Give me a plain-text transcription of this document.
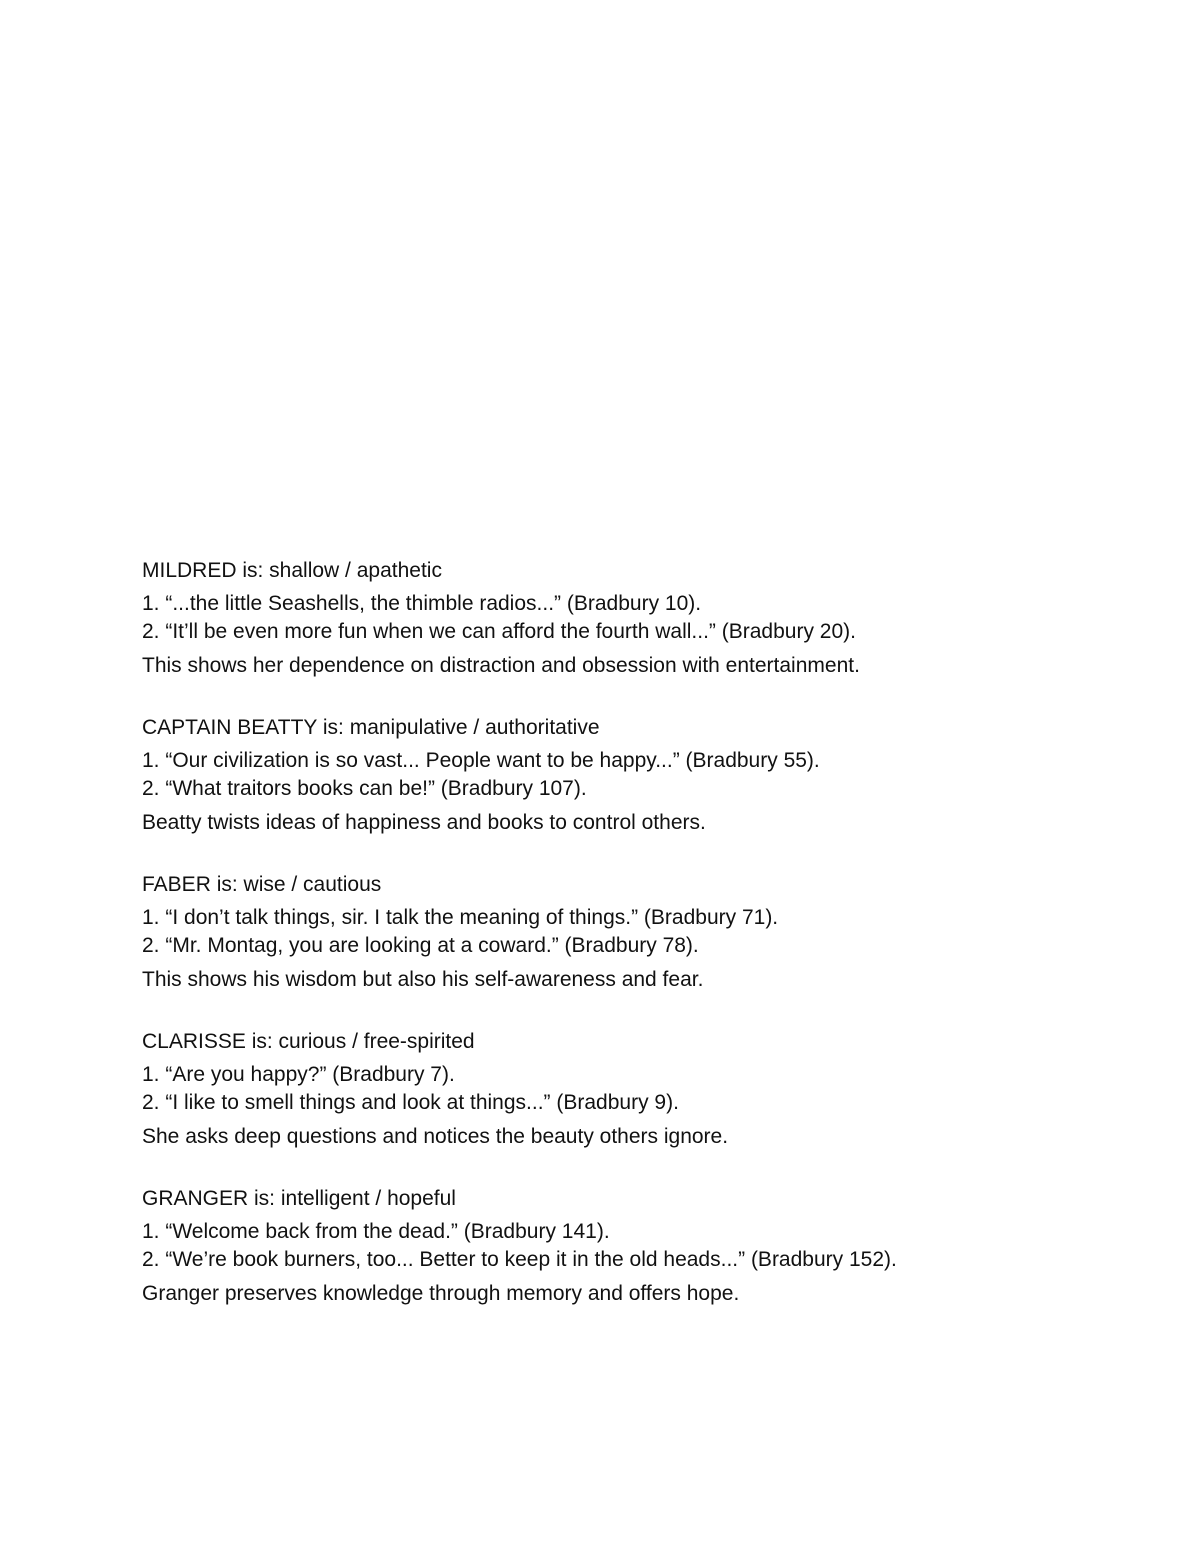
MILDRED is: shallow / apathetic
1. “...the little Seashells, the thimble radios...” (Bradbury 10).
2. “It’ll be even more fun when we can afford the fourth wall...” (Bradbury 20).
This shows her dependence on distraction and obsession with entertainment.
CAPTAIN BEATTY is: manipulative / authoritative
1. “Our civilization is so vast... People want to be happy...” (Bradbury 55).
2. “What traitors books can be!” (Bradbury 107).
Beatty twists ideas of happiness and books to control others.
FABER is: wise / cautious
1. “I don’t talk things, sir. I talk the meaning of things.” (Bradbury 71).
2. “Mr. Montag, you are looking at a coward.” (Bradbury 78).
This shows his wisdom but also his self-awareness and fear.
CLARISSE is: curious / free-spirited
1. “Are you happy?” (Bradbury 7).
2. “I like to smell things and look at things...” (Bradbury 9).
She asks deep questions and notices the beauty others ignore.
GRANGER is: intelligent / hopeful
1. “Welcome back from the dead.” (Bradbury 141).
2. “We’re book burners, too... Better to keep it in the old heads...” (Bradbury 152).
Granger preserves knowledge through memory and offers hope.
